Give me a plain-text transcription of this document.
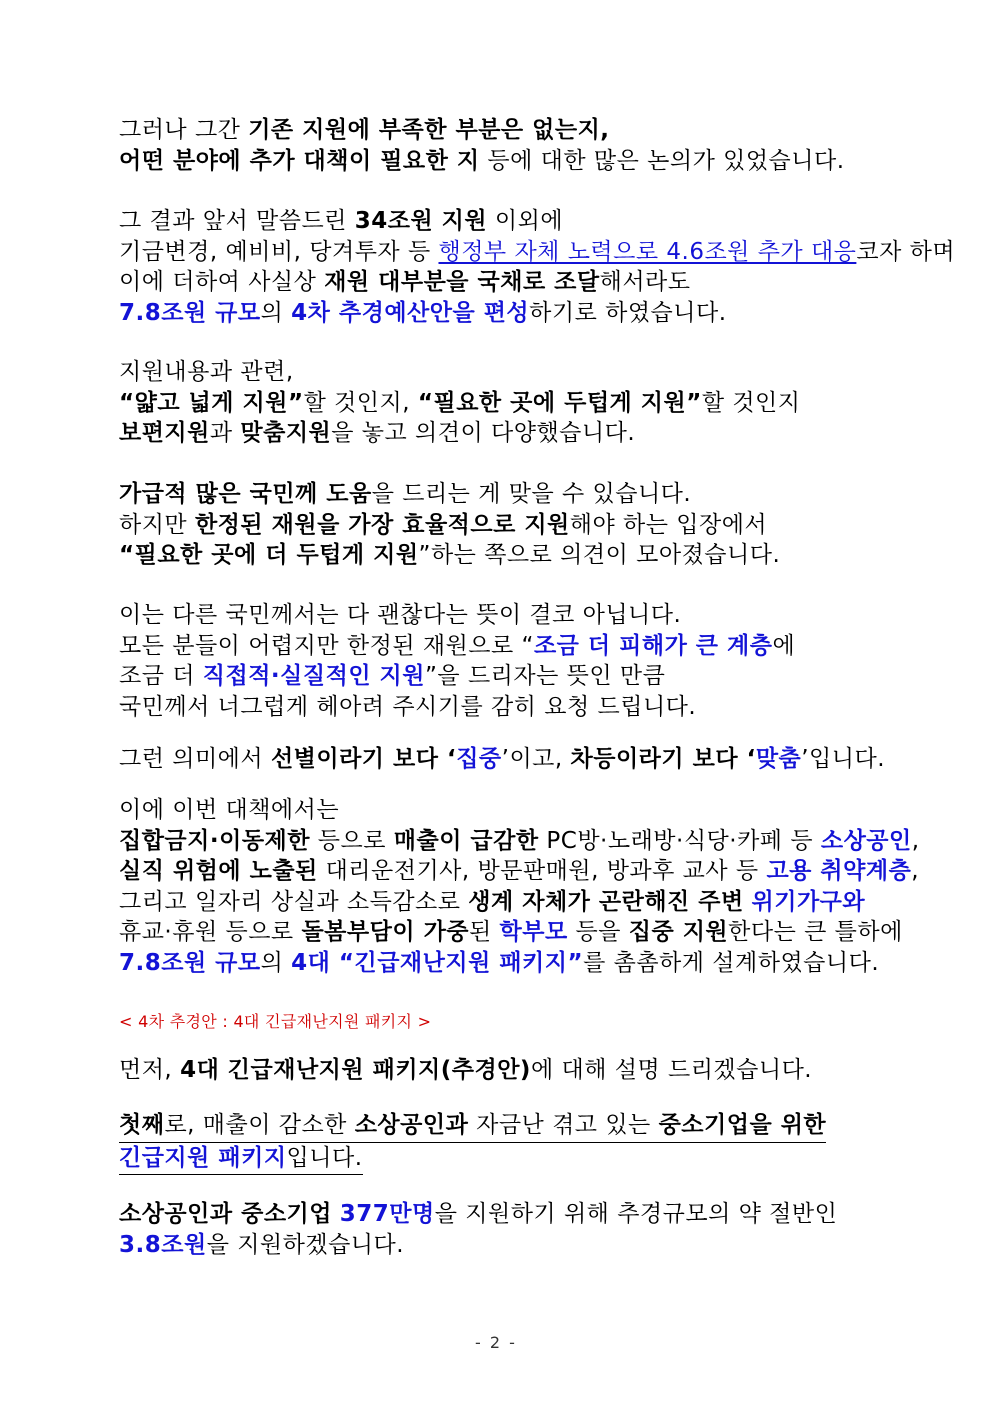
그러나 그간 기존 지원에 부족한 부분은 없는지,
어떤 분야에 추가 대책이 필요한 지 등에 대한 많은 논의가 있었습니다.
그 결과 앞서 말씀드린 34조원 지원 이외에
기금변경, 예비비, 당겨투자 등 행정부 자체 노력으로 4.6조원 추가 대응코자 하며
이에 더하여 사실상 재원 대부분을 국채로 조달해서라도
7.8조원 규모의 4차 추경예산안을 편성하기로 하였습니다.
지원내용과 관련,
“얇고 넓게 지원”할 것인지, “필요한 곳에 두텁게 지원”할 것인지
보편지원과 맞춤지원을 놓고 의견이 다양했습니다.
가급적 많은 국민께 도움을 드리는 게 맞을 수 있습니다.
하지만 한정된 재원을 가장 효율적으로 지원해야 하는 입장에서
“필요한 곳에 더 두텁게 지원”하는 쪽으로 의견이 모아졌습니다.
이는 다른 국민께서는 다 괜찮다는 뜻이 결코 아닙니다.
모든 분들이 어렵지만 한정된 재원으로 “조금 더 피해가 큰 계층에
조금 더 직접적·실질적인 지원”을 드리자는 뜻인 만큼
국민께서 너그럽게 헤아려 주시기를 감히 요청 드립니다.
그런 의미에서 선별이라기 보다 ‘집중’이고, 차등이라기 보다 ‘맞춤’입니다.
이에 이번 대책에서는
집합금지·이동제한 등으로 매출이 급감한 PC방·노래방·식당·카페 등 소상공인,
실직 위험에 노출된 대리운전기사, 방문판매원, 방과후 교사 등 고용 취약계층,
그리고 일자리 상실과 소득감소로 생계 자체가 곤란해진 주변 위기가구와
휴교·휴원 등으로 돌봄부담이 가중된 학부모 등을 집중 지원한다는 큰 틀하에
7.8조원 규모의 4대 “긴급재난지원 패키지”를 촘촘하게 설계하였습니다.
< 4차 추경안 : 4대 긴급재난지원 패키지 >
먼저, 4대 긴급재난지원 패키지(추경안)에 대해 설명 드리겠습니다.
첫째로, 매출이 감소한 소상공인과 자금난 겪고 있는 중소기업을 위한
긴급지원 패키지입니다.
소상공인과 중소기업 377만명을 지원하기 위해 추경규모의 약 절반인
3.8조원을 지원하겠습니다.
- 2 -
